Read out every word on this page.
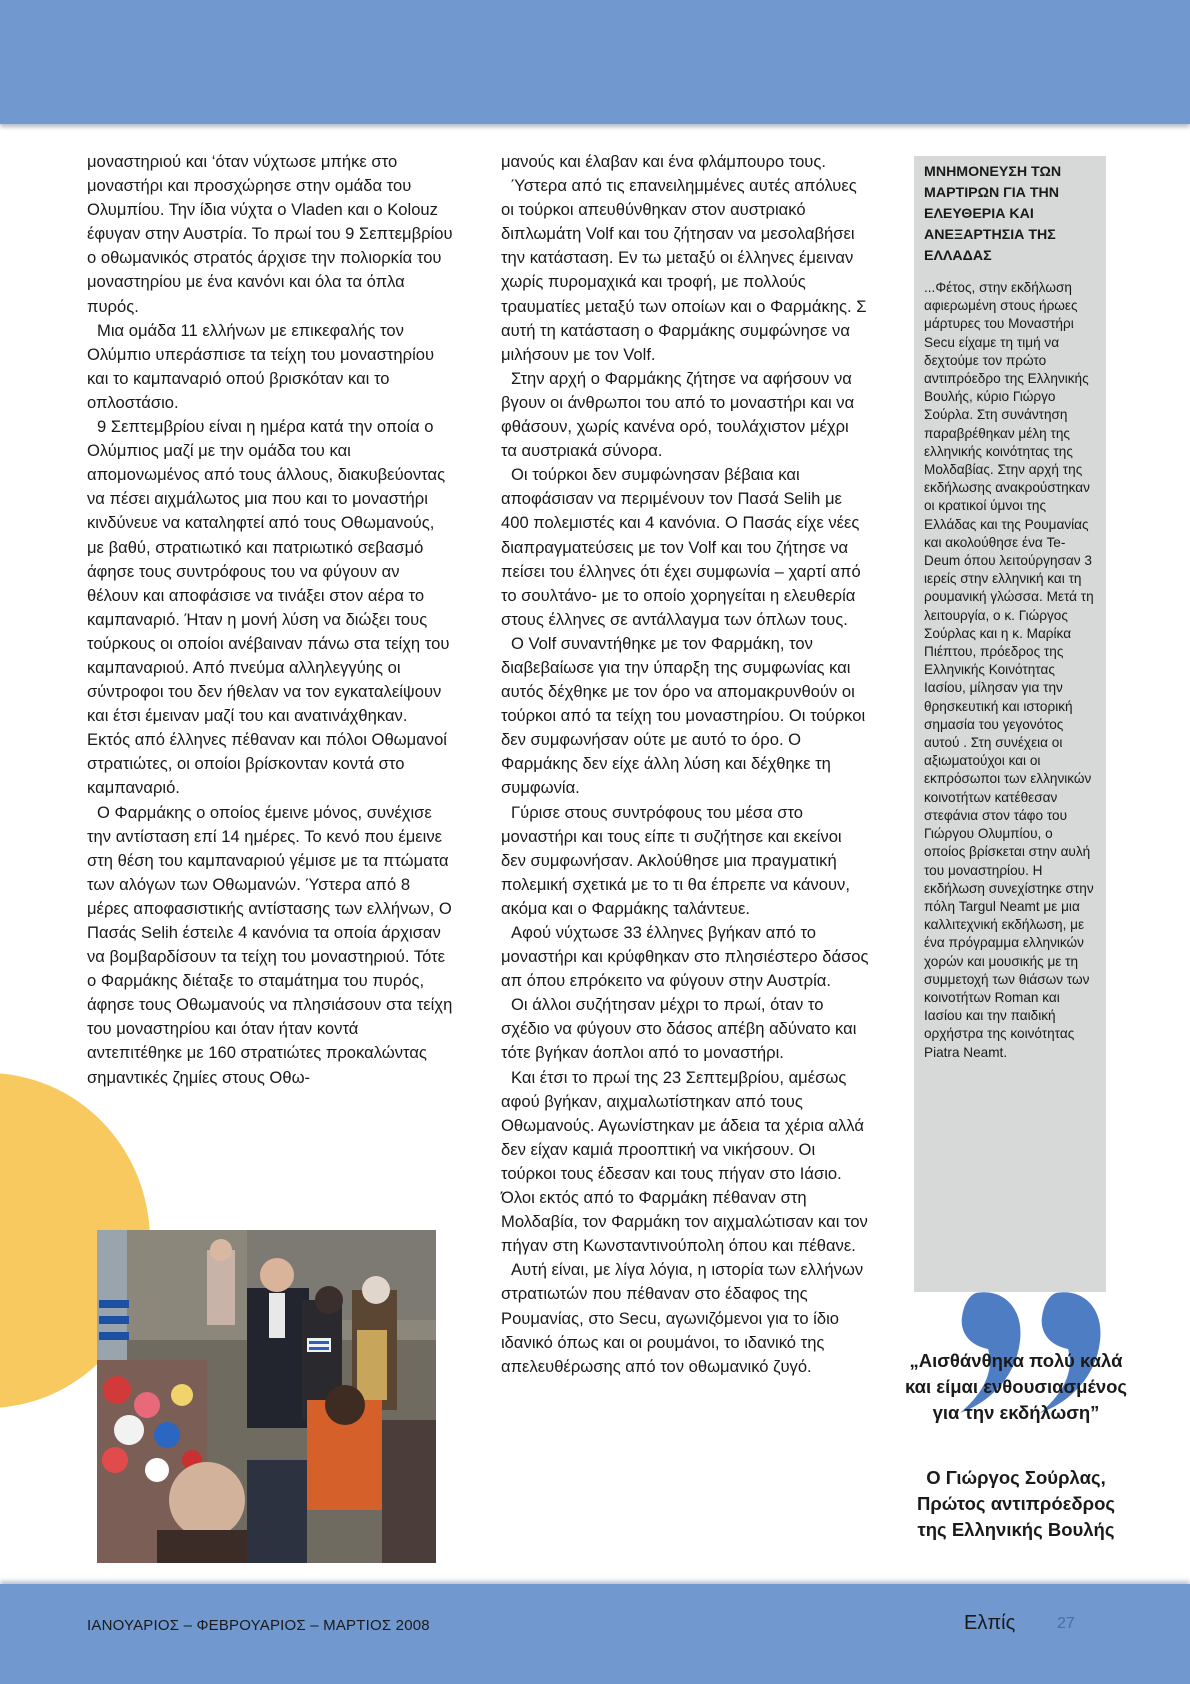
μοναστηριού και ‘όταν νύχτωσε μπήκε στο μοναστήρι και προσχώρησε στην ομάδα του Ολυμπίου. Την ίδια νύχτα ο Vladen και ο Kolouz έφυγαν στην Αυστρία. Το πρωί του 9 Σεπτεμβρίου ο οθωμανικός στρατός άρχισε την πολιορκία του μοναστηρίου με ένα κανόνι και όλα τα όπλα πυρός.

Μια ομάδα 11 ελλήνων με επικεφαλής τον Ολύμπιο υπεράσπισε τα τείχη του μοναστηρίου και το καμπαναριό οπού βρισκόταν και το οπλοστάσιο.

9 Σεπτεμβρίου είναι η ημέρα κατά την οποία ο Ολύμπιος μαζί με την ομάδα του και απομονωμένος από τους άλλους, διακυβεύοντας να πέσει αιχμάλωτος μια που και το μοναστήρι κινδύνευε να καταληφτεί από τους Οθωμανούς, με βαθύ, στρατιωτικό και πατριωτικό σεβασμό άφησε τους συντρόφους του να φύγουν αν θέλουν και αποφάσισε να τινάξει στον αέρα το καμπαναριό. Ήταν η μονή λύση να διώξει τους τούρκους οι οποίοι ανέβαιναν πάνω στα τείχη του καμπαναριού. Από πνεύμα αλληλεγγύης οι σύντροφοι του δεν ήθελαν να τον εγκαταλείψουν και έτσι έμειναν μαζί του και ανατινάχθηκαν. Εκτός από έλληνες πέθαναν και πόλοι Οθωμανοί στρατιώτες, οι οποίοι βρίσκονταν κοντά στο καμπαναριό.

Ο Φαρμάκης ο οποίος έμεινε μόνος, συνέχισε την αντίσταση επί 14 ημέρες. Το κενό που έμεινε στη θέση του καμπαναριού γέμισε με τα πτώματα των αλόγων των Οθωμανών. Ύστερα από 8 μέρες αποφασιστικής αντίστασης των ελλήνων, Ο Πασάς Selih έστειλε 4 κανόνια τα οποία άρχισαν να βομβαρδίσουν τα τείχη του μοναστηριού. Τότε ο Φαρμάκης διέταξε το σταμάτημα του πυρός, άφησε τους Οθωμανούς να πλησιάσουν στα τείχη του μοναστηρίου και όταν ήταν κοντά αντεπιτέθηκε με 160 στρατιώτες προκαλώντας σημαντικές ζημίες στους Οθω-

μανούς και έλαβαν και ένα φλάμπουρο τους.

Ύστερα από τις επανειλημμένες αυτές απόλυες οι τούρκοι απευθύνθηκαν στον αυστριακό διπλωμάτη Volf και του ζήτησαν να μεσολαβήσει την κατάσταση. Εν τω μεταξύ οι έλληνες έμειναν χωρίς πυρομαχικά και τροφή, με πολλούς τραυματίες μεταξύ των οποίων και ο Φαρμάκης. Σ αυτή τη κατάσταση ο Φαρμάκης συμφώνησε να μιλήσουν με τον Volf.

Στην αρχή ο Φαρμάκης ζήτησε να αφήσουν να βγουν οι άνθρωποι του από το μοναστήρι και να φθάσουν, χωρίς κανένα ορό, τουλάχιστον μέχρι τα αυστριακά σύνορα.

Οι τούρκοι δεν συμφώνησαν βέβαια και αποφάσισαν να περιμένουν τον Πασά Selih με 400 πολεμιστές και 4 κανόνια. Ο Πασάς είχε νέες διαπραγματεύσεις με τον Volf και του ζήτησε να πείσει του έλληνες ότι έχει συμφωνία – χαρτί από το σουλτάνο- με το οποίο χορηγείται η ελευθερία στους έλληνες σε αντάλλαγμα των όπλων τους.

Ο Volf συναντήθηκε με τον Φαρμάκη, τον διαβεβαίωσε για την ύπαρξη της συμφωνίας και αυτός δέχθηκε με τον όρο να απομακρυνθούν οι τούρκοι από τα τείχη του μοναστηρίου. Οι τούρκοι δεν συμφωνήσαν ούτε με αυτό το όρο. Ο Φαρμάκης δεν είχε άλλη λύση και δέχθηκε τη συμφωνία.

Γύρισε στους συντρόφους του μέσα στο μοναστήρι και τους είπε τι συζήτησε και εκείνοι δεν συμφωνήσαν. Ακλούθησε μια πραγματική πολεμική σχετικά με το τι θα έπρεπε να κάνουν, ακόμα και ο Φαρμάκης ταλάντευε.

Αφού νύχτωσε 33 έλληνες βγήκαν από το μοναστήρι και κρύφθηκαν στο πλησιέστερο δάσος απ όπου επρόκειτο να φύγουν στην Αυστρία.

Οι άλλοι συζήτησαν μέχρι το πρωί, όταν το σχέδιο να φύγουν στο δάσος απέβη αδύνατο και τότε βγήκαν άοπλοι από το μοναστήρι.

Και έτσι το πρωί της 23 Σεπτεμβρίου, αμέσως αφού βγήκαν, αιχμαλωτίστηκαν από τους Οθωμανούς. Αγωνίστηκαν με άδεια τα χέρια αλλά δεν είχαν καμιά προοπτική να νικήσουν. Οι τούρκοι τους έδεσαν και τους πήγαν στο Ιάσιο. Όλοι εκτός από το Φαρμάκη πέθαναν στη Μολδαβία, τον Φαρμάκη τον αιχμαλώτισαν και τον πήγαν στη Κωνσταντινούπολη όπου και πέθανε.

Αυτή είναι, με λίγα λόγια, η ιστορία των ελλήνων στρατιωτών που πέθαναν στο έδαφος της Ρουμανίας, στο Secu, αγωνιζόμενοι για το ίδιο ιδανικό όπως και οι ρουμάνοι, το ιδανικό της απελευθέρωσης από τον οθωμανικό ζυγό.

ΜΝΗΜΟΝΕΥΣΗ ΤΩΝ ΜΑΡΤΙΡΩΝ ΓΙΑ ΤΗΝ ΕΛΕΥΘΕΡΙΑ ΚΑΙ ΑΝΕΞΑΡΤΗΣΙΑ ΤΗΣ ΕΛΛΑΔΑΣ

...Φέτος, στην εκδήλωση αφιερωμένη στους ήρωες μάρτυρες του Μοναστήρι Secu είχαμε τη τιμή να δεχτούμε τον πρώτο αντιπρόεδρο της Ελληνικής Βουλής, κύριο Γιώργο Σούρλα. Στη συνάντηση παραβρέθηκαν μέλη της ελληνικής κοινότητας της Μολδαβίας. Στην αρχή της εκδήλωσης ανακρούστηκαν οι κρατικοί ύμνοι της Ελλάδας και της Ρουμανίας και ακολούθησε ένα Te-Deum όπου λειτούργησαν 3 ιερείς στην ελληνική και τη ρουμανική γλώσσα. Μετά τη λειτουργία, ο κ. Γιώργος Σούρλας και η κ. Μαρίκα Πιέπτου, πρόεδρος της Ελληνικής Κοινότητας Ιασίου, μίλησαν για την θρησκευτική και ιστορική σημασία του γεγονότος αυτού . Στη συνέχεια οι αξιωματούχοι και οι εκπρόσωποι των ελληνικών κοινοτήτων κατέθεσαν στεφάνια στον τάφο του Γιώργου Ολυμπίου, ο οποίος βρίσκεται στην αυλή του μοναστηρίου. Η εκδήλωση συνεχίστηκε στην πόλη Targul Neamt με μια καλλιτεχνική εκδήλωση, με ένα πρόγραμμα ελληνικών χορών και μουσικής με τη συμμετοχή των θιάσων των κοινοτήτων Roman και Ιασίου και την παιδική ορχήστρα της κοινότητας Piatra Neamt.

„Αισθάνθηκα πολύ καλά και είμαι ενθουσιασμένος για την εκδήλωση”

Ο Γιώργος Σούρλας,
Πρώτος αντιπρόεδρος
της Ελληνικής Βουλής
ΙΑΝΟΥΑΡΙΟΣ – ΦΕΒΡΟΥΑΡΙΟΣ – ΜΑΡΤΙΟΣ 2008	Ελπίς	27
